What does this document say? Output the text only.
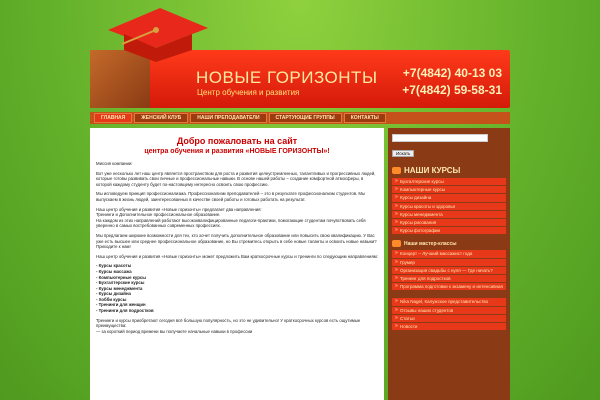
НОВЫЕ ГОРИЗОНТЫ
Центр обучения и развития
+7(4842) 40-13 03
+7(4842) 59-58-31
ГЛАВНАЯ	ЖЕНСКИЙ КЛУБ	НАШИ ПРЕПОДАВАТЕЛИ	СТАРТУЮЩИЕ ГРУППЫ	КОНТАКТЫ
Добро пожаловать на сайт
центра обучения и развития «НОВЫЕ ГОРИЗОНТЫ»!

Миссия компании:

Вот уже несколько лет наш центр является пространством для роста и развития целеустремленных, талантливых и прогрессивных людей, которые готовы развивать свои личные и профессиональные навыки. В основе нашей работы – создание комфортной атмосферы, в которой каждому студенту будет по-настоящему интересно освоить свою профессию.

Мы исповедуем принцип профессионализма. Профессионализм преподавателей – это в результате профессионализм студентов. Мы выпускаем в жизнь людей, заинтересованных в качестве своей работы и готовых работать на результат.

Наш центр обучения и развития «Новые горизонты» предлагает два направления:
Тренинги и Дополнительное профессиональное образование.
На каждом из этих направлений работают высококвалифицированные педагоги-практики, помогающие студентам почувствовать себя уверенно в самых востребованных современных профессиях.

Мы предлагаем широкие возможности для тех, кто хочет получить дополнительное образование или повысить свою квалификацию. У Вас уже есть высшее или среднее профессиональное образование, но Вы стремитесь открыть в себе новые таланты и освоить новые навыки?
Приходите к нам!

Наш центр обучения и развития «Новые горизонты» может предложить Вам краткосрочные курсы и тренинги по следующим направлениям:

- Курсы красоты
- Курсы массажа
- Компьютерные курсы
- Бухгалтерские курсы
- Курсы менеджмента
- Курсы дизайна
- Хобби курсы
- Тренинги для женщин
- Тренинги для подростков

Тренинги и курсы приобретают сегодня всё большую популярность, но это не удивительно! У краткосрочных курсов есть ощутимые преимущества:
— за короткий период времени вы получаете начальные навыки в профессии

Искать
НАШИ КУРСЫ
» Бухгалтерские курсы
» Компьютерные курсы
» Курсы дизайна
» Курсы красоты и здоровья
» Курсы менеджмента
» Курсы рисования
» Курсы фотографии
Наши мастер-классы
» Концерт – Лучший массажист года
» Грумер
» Организация свадьбы с нуля — Где начать?
» Тренинг для подростков
» Программа подготовки к экзамену и интенсивная
» Nika Nagel, Калужское представительство
» Отзывы наших студентов
» Статьи
» Новости
